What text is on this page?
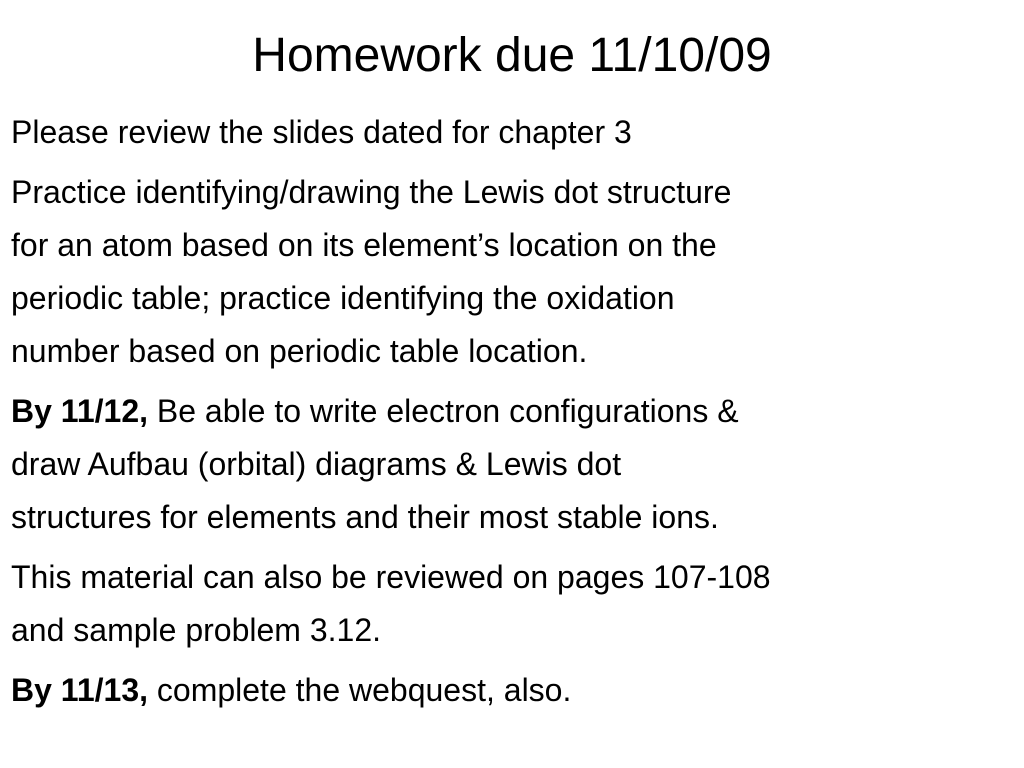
Homework due 11/10/09
Please review the slides dated for chapter 3
Practice identifying/drawing the Lewis dot structure
for an atom based on its element’s location on the
periodic table; practice identifying the oxidation
number based on periodic table location.
By 11/12, Be able to write electron configurations &
draw Aufbau (orbital) diagrams & Lewis dot
structures for elements and their most stable ions.
This material can also be reviewed on pages 107-108
and sample problem 3.12.
By 11/13, complete the webquest, also.
